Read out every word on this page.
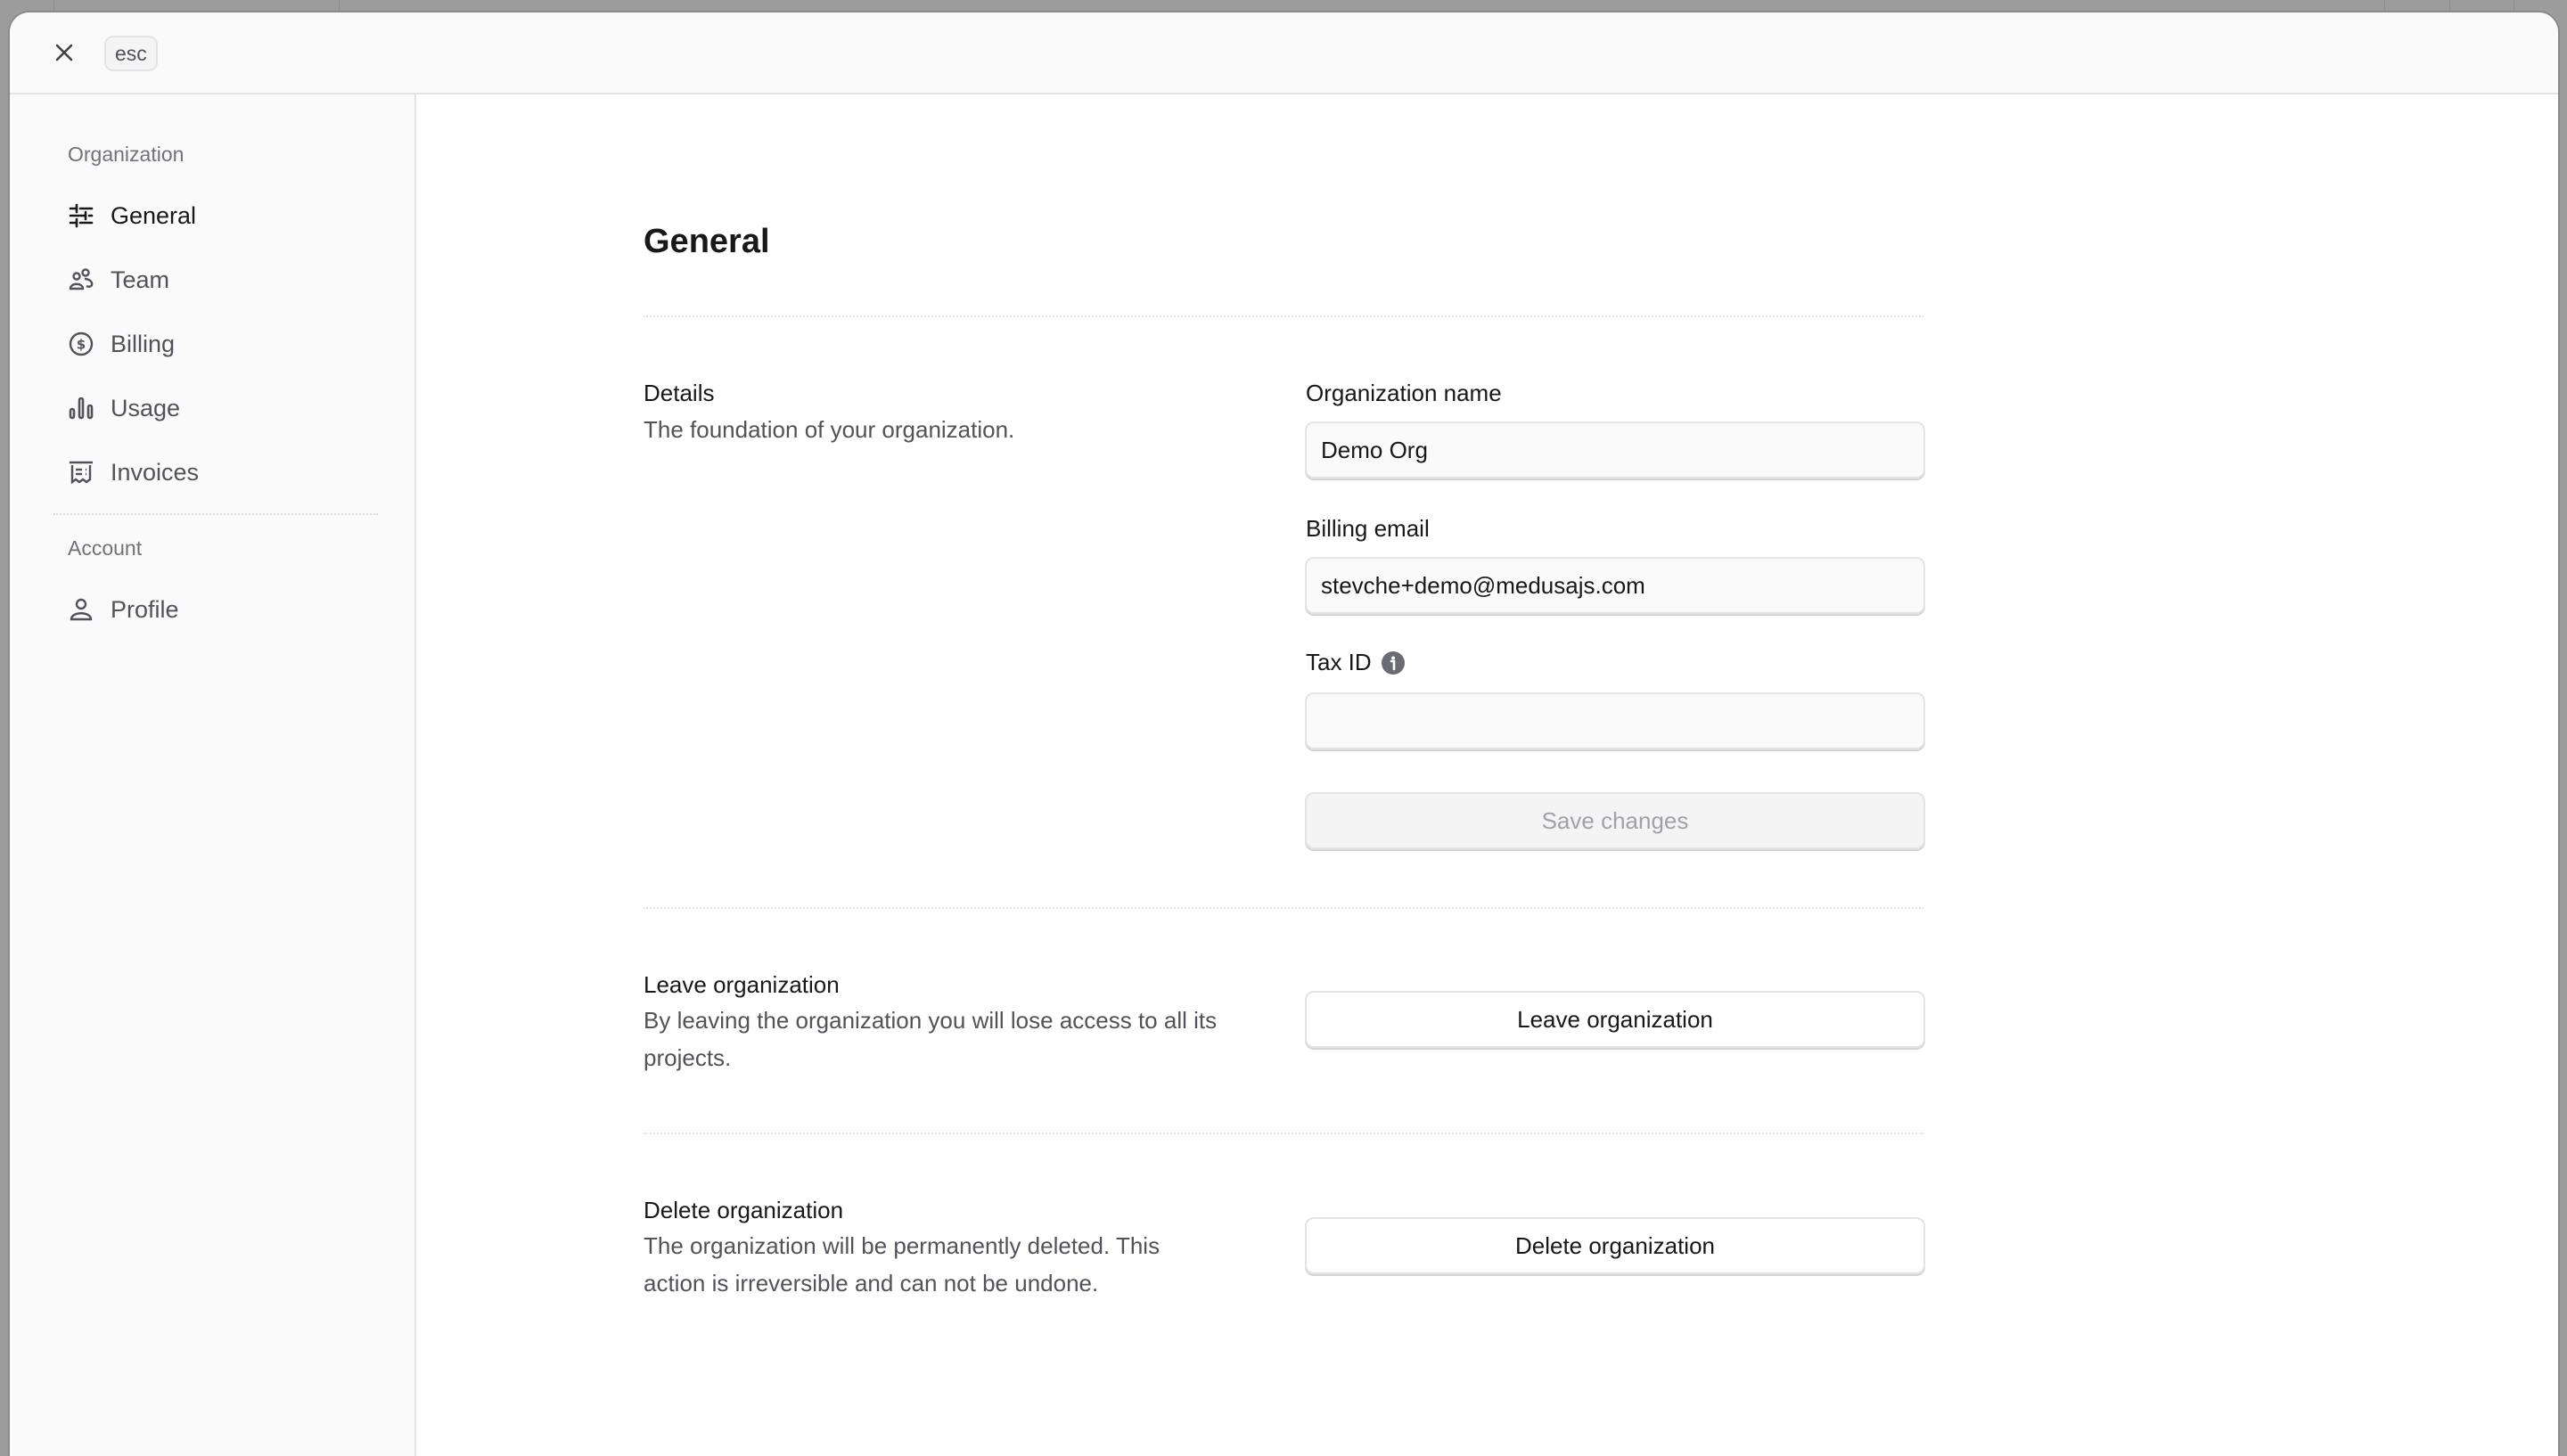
esc
Organization
General
Team
$ Billing
Usage
Invoices
Account
Profile
General
Details
The foundation of your organization.
Organization name
Demo Org
Billing email
stevche+demo@medusajs.com
Tax ID
Save changes
Leave organization
By leaving the organization you will lose access to all its projects.
Leave organization
Delete organization
The organization will be permanently deleted. This action is irreversible and can not be undone.
Delete organization
